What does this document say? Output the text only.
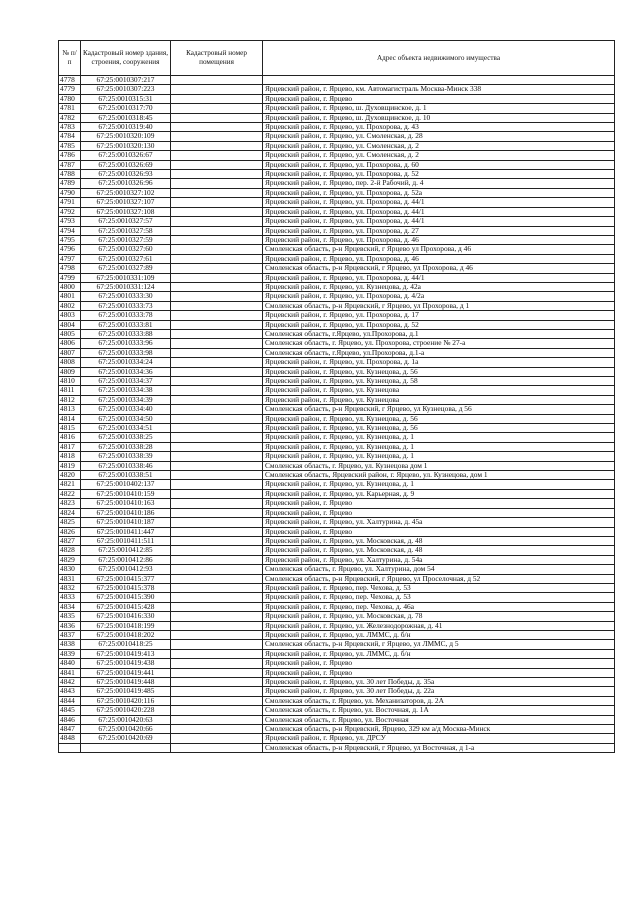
№ п/п	Кадастровый номер здания, строения, сооружения	Кадастровый номер помещения	Адрес объекта недвижимого имущества
4778	67:25:0010307:217		
4779	67:25:0010307:223		Ярцевский район, г. Ярцево, км. Автомагистраль Москва-Минск 338
4780	67:25:0010315:31		Ярцевский район, г. Ярцево
4781	67:25:0010317:70		Ярцевский район, г. Ярцево, ш. Духовщинское, д. 1
4782	67:25:0010318:45		Ярцевский район, г. Ярцево, ш. Духовщинское, д. 10
4783	67:25:0010319:40		Ярцевский район, г. Ярцево, ул. Прохорова, д. 43
4784	67:25:0010320:109		Ярцевский район, г. Ярцево, ул. Смоленская, д. 28
4785	67:25:0010320:130		Ярцевский район, г. Ярцево, ул. Смоленская, д. 2
4786	67:25:0010326:67		Ярцевский район, г. Ярцево, ул. Смоленская, д. 2
4787	67:25:0010326:69		Ярцевский район, г. Ярцево, ул. Прохорова, д. 60
4788	67:25:0010326:93		Ярцевский район, г. Ярцево, ул. Прохорова, д. 52
4789	67:25:0010326:96		Ярцевский район, г. Ярцево, пер. 2-й Рабочий, д. 4
4790	67:25:0010327:102		Ярцевский район, г. Ярцево, ул. Прохорова, д. 52а
4791	67:25:0010327:107		Ярцевский район, г. Ярцево, ул. Прохорова, д. 44/1
4792	67:25:0010327:108		Ярцевский район, г. Ярцево, ул. Прохорова, д. 44/1
4793	67:25:0010327:57		Ярцевский район, г. Ярцево, ул. Прохорова, д. 44/1
4794	67:25:0010327:58		Ярцевский район, г. Ярцево, ул. Прохорова, д. 27
4795	67:25:0010327:59		Ярцевский район, г. Ярцево, ул. Прохорова, д. 46
4796	67:25:0010327:60		Смоленская область, р-н Ярцевский, г Ярцево ул Прохорова, д 46
4797	67:25:0010327:61		Ярцевский район, г. Ярцево, ул. Прохорова, д. 46
4798	67:25:0010327:89		Смоленская область, р-н Ярцевский, г Ярцево, ул Прохорова, д 46
4799	67:25:0010331:109		Ярцевский район, г. Ярцево, ул. Прохорова, д. 44/1
4800	67:25:0010331:124		Ярцевский район, г. Ярцево, ул. Кузнецова, д. 42а
4801	67:25:0010333:30		Ярцевский район, г. Ярцево, ул. Прохорова, д. 4/2а
4802	67:25:0010333:73		Смоленская область, р-н Ярцевский, г Ярцево, ул Прохорова, д 1
4803	67:25:0010333:78		Ярцевский район, г. Ярцево, ул. Прохорова, д. 17
4804	67:25:0010333:81		Ярцевский район, г. Ярцево, ул. Прохорова, д. 52
4805	67:25:0010333:88		Смоленская область, г.Ярцево, ул.Прохорова, д.1
4806	67:25:0010333:96		Смоленская область, г. Ярцево, ул. Прохорова, строение № 27-а
4807	67:25:0010333:98		Смоленская область, г.Ярцево, ул.Прохорова, д.1-а
4808	67:25:0010334:24		Ярцевский район, г. Ярцево, ул. Прохорова, д. 1а
4809	67:25:0010334:36		Ярцевский район, г. Ярцево, ул. Кузнецова, д. 56
4810	67:25:0010334:37		Ярцевский район, г. Ярцево, ул. Кузнецова, д. 58
4811	67:25:0010334:38		Ярцевский район, г. Ярцево, ул. Кузнецова
4812	67:25:0010334:39		Ярцевский район, г. Ярцево, ул. Кузнецова
4813	67:25:0010334:40		Смоленская область, р-н Ярцевский, г Ярцево, ул Кузнецова, д 56
4814	67:25:0010334:50		Ярцевский район, г. Ярцево, ул. Кузнецова, д. 56
4815	67:25:0010334:51		Ярцевский район, г. Ярцево, ул. Кузнецова, д. 56
4816	67:25:0010338:25		Ярцевский район, г. Ярцево, ул. Кузнецова, д. 1
4817	67:25:0010338:28		Ярцевский район, г. Ярцево, ул. Кузнецова, д. 1
4818	67:25:0010338:39		Ярцевский район, г. Ярцево, ул. Кузнецова, д. 1
4819	67:25:0010338:46		Смоленская область, г. Ярцево, ул. Кузнецова дом 1
4820	67:25:0010338:51		Смоленская область, Ярцевский район, г. Ярцево, ул. Кузнецова, дом 1
4821	67:25:0010402:137		Ярцевский район, г. Ярцево, ул. Кузнецова, д. 1
4822	67:25:0010410:159		Ярцевский район, г. Ярцево, ул. Карьерная, д. 9
4823	67:25:0010410:163		Ярцевский район, г. Ярцево
4824	67:25:0010410:186		Ярцевский район, г. Ярцево
4825	67:25:0010410:187		Ярцевский район, г. Ярцево, ул. Халтурина, д. 45а
4826	67:25:0010411:447		Ярцевский район, г. Ярцево
4827	67:25:0010411:511		Ярцевский район, г. Ярцево, ул. Московская, д. 48
4828	67:25:0010412:85		Ярцевский район, г. Ярцево, ул. Московская, д. 48
4829	67:25:0010412:86		Ярцевский район, г. Ярцево, ул. Халтурина, д. 54а
4830	67:25:0010412:93		Смоленская область, г. Ярцево, ул. Халтурина, дом 54
4831	67:25:0010415:377		Смоленская область, р-н Ярцевский, г Ярцево, ул Проселочная, д 52
4832	67:25:0010415:378		Ярцевский район, г. Ярцево, пер. Чехова, д. 53
4833	67:25:0010415:390		Ярцевский район, г. Ярцево, пер. Чехова, д. 53
4834	67:25:0010415:428		Ярцевский район, г. Ярцево, пер. Чехова, д. 46а
4835	67:25:0010416:330		Ярцевский район, г. Ярцево, ул. Московская, д. 78
4836	67:25:0010418:199		Ярцевский район, г. Ярцево, ул. Железнодорожная, д. 41
4837	67:25:0010418:202		Ярцевский район, г. Ярцево, ул. ЛММС, д. б/н
4838	67:25:0010418:25		Смоленская область, р-н Ярцевский, г Ярцево, ул ЛММС, д 5
4839	67:25:0010419:413		Ярцевский район, г. Ярцево, ул. ЛММС, д. б/н
4840	67:25:0010419:438		Ярцевский район, г. Ярцево
4841	67:25:0010419:441		Ярцевский район, г. Ярцево
4842	67:25:0010419:448		Ярцевский район, г. Ярцево, ул. 30 лет Победы, д. 35а
4843	67:25:0010419:485		Ярцевский район, г. Ярцево, ул. 30 лет Победы, д. 22а
4844	67:25:0010420:116		Смоленская область, г. Ярцево, ул. Механизаторов, д. 2А
4845	67:25:0010420:228		Смоленская область, г. Ярцево, ул. Восточная, д. 1А
4846	67:25:0010420:63		Смоленская область, г. Ярцево, ул. Восточная
4847	67:25:0010420:66		Смоленская область, р-н Ярцевский, Ярцево, 329 км а/д Москва-Минск
4848	67:25:0010420:69		Ярцевский район, г. Ярцево, ул. ДРСУ
			Смоленская область, р-н Ярцевский, г Ярцево, ул Восточная, д 1-а
